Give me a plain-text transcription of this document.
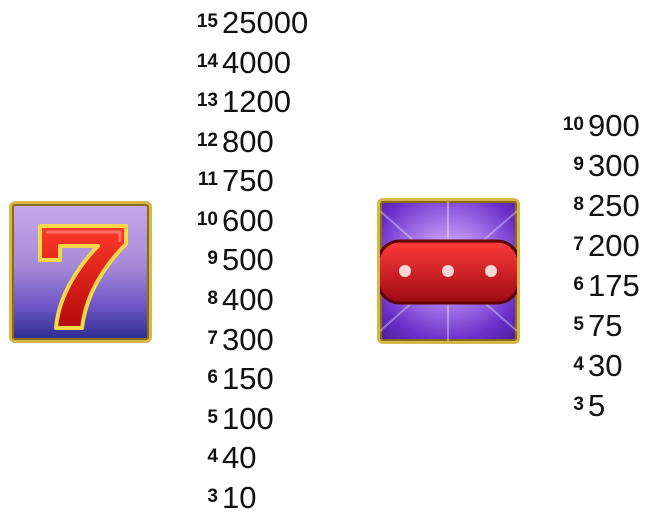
15 25000
14 4000
13 1200
12 800
11 750
10 600
9 500
8 400
7 300
6 150
5 100
4 40
3 10
10 900
9 300
8 250
7 200
6 175
5 75
4 30
3 5
